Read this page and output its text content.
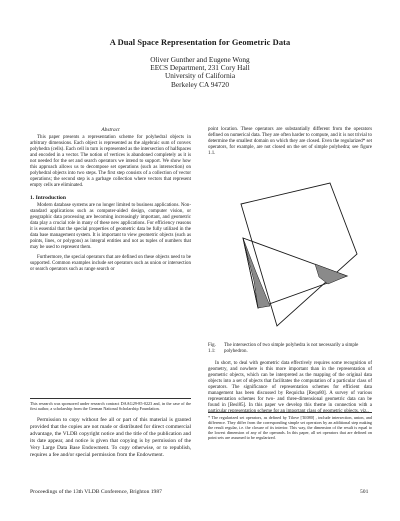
A Dual Space Representation for Geometric Data
Oliver Gunther and Eugene Wong
EECS Department, 231 Cory Hall
University of California
Berkeley CA 94720
Abstract

This paper presents a representation scheme for polyhedral objects in arbitrary dimensions. Each object is represented as the algebraic sum of convex polyhedra (cells). Each cell in turn is represented as the intersection of halfspaces and encoded in a vector. The notion of vertices is abandoned completely as it is not needed for the set and search operators we intend to support. We show how this approach allows us to decompose set operations (such as intersection) on polyhedral objects into two steps. The first step consists of a collection of vector operations; the second step is a garbage collection where vectors that represent empty cells are eliminated.

1. Introduction

Modern database systems are no longer limited to business applications. Non-standard applications such as computer-aided design, computer vision, or geographic data processing are becoming increasingly important, and geometric data play a crucial role in many of these new applications. For efficiency reasons it is essential that the special properties of geometric data be fully utilized in the data base management system. It is important to view geometric objects (such as points, lines, or polygons) as integral entities and not as tuples of numbers that may be used to represent them.

Furthermore, the special operators that are defined on these objects need to be supported. Common examples include set operators such as union or intersection or search operators such as range search or

This research was sponsored under research contract DAAG29-85-0223 and, in the case of the first author, a scholarship from the German National Scholarship Foundation.

Permission to copy without fee all or part of this material is granted provided that the copies are not made or distributed for direct commercial advantage, the VLDB copyright notice and the title of the publication and its date appear, and notice is given that copying is by permission of the Very Large Data Base Endowment. To copy otherwise, or to republish, requires a fee and/or special permission from the Endowment.

point location. These operators are substantially different from the operators defined on numerical data. They are often harder to compute, and it is not trivial to determine the smallest domain on which they are closed. Even the regularized* set operators, for example, are not closed on the set of simple polyhedra; see figure 1.1.

Fig. 1.1:The intersection of two simple polyhedra is not necessarily a simple polyhedron.

In short, to deal with geometric data effectively requires some recognition of geometry, and nowhere is this more important than in the representation of geometric objects, which can be interpreted as the mapping of the original data objects into a set of objects that facilitates the computation of a particular class of operators. The significance of representation schemes for efficient data management has been discussed by Requicha [Requ80]. A survey of various representation schemes for two- and three-dimensional geometric data can be found in [Besl85]. In this paper we develop this theme in connection with a particular representation scheme for an important class of geometric objects, viz.,

* The regularized set operators, as defined by Tilove [Til080] , include intersection, union, and difference. They differ from the corresponding simple set operators by an additional step making the result regular, i.e. the closure of its interior. This way, the dimension of the result is equal to the lowest dimension of any of the operands. In this paper, all set operators that are defined on point sets are assumed to be regularized.

Proceedings of the 13th VLDB Conference, Brighton 1987	501
